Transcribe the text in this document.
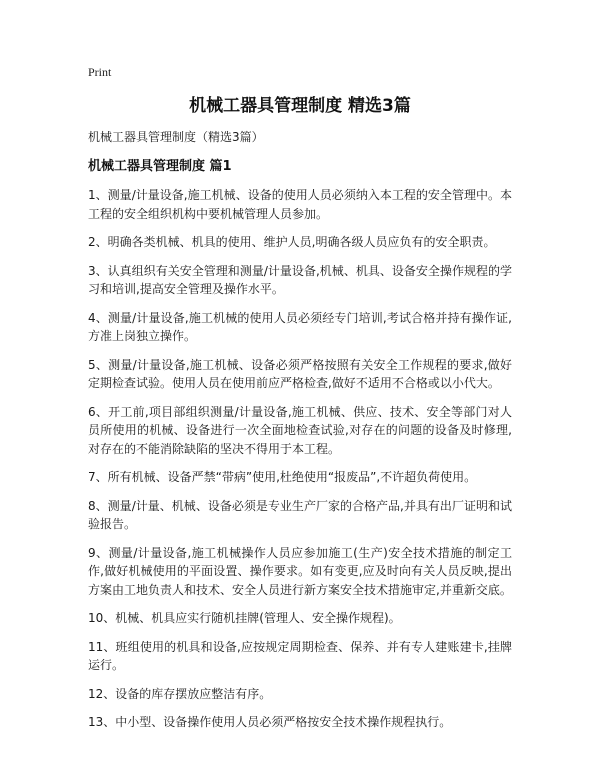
Print
机械工器具管理制度 精选3篇
机械工器具管理制度（精选3篇）
机械工器具管理制度 篇1

1、测量/计量设备,施工机械、设备的使用人员必须纳入本工程的安全管理中。本工程的安全组织机构中要机械管理人员参加。

2、明确各类机械、机具的使用、维护人员,明确各级人员应负有的安全职责。

3、认真组织有关安全管理和测量/计量设备,机械、机具、设备安全操作规程的学习和培训,提高安全管理及操作水平。

4、测量/计量设备,施工机械的使用人员必须经专门培训,考试合格并持有操作证,方准上岗独立操作。

5、测量/计量设备,施工机械、设备必须严格按照有关安全工作规程的要求,做好定期检查试验。使用人员在使用前应严格检查,做好不适用不合格或以小代大。

6、开工前,项目部组织测量/计量设备,施工机械、供应、技术、安全等部门对人员所使用的机械、设备进行一次全面地检查试验,对存在的问题的设备及时修理,对存在的不能消除缺陷的坚决不得用于本工程。

7、所有机械、设备严禁“带病”使用,杜绝使用“报废品”,不许超负荷使用。

8、测量/计量、机械、设备必须是专业生产厂家的合格产品,并具有出厂证明和试验报告。

9、测量/计量设备,施工机械操作人员应参加施工(生产)安全技术措施的制定工作,做好机械使用的平面设置、操作要求。如有变更,应及时向有关人员反映,提出方案由工地负责人和技术、安全人员进行新方案安全技术措施审定,并重新交底。

10、机械、机具应实行随机挂牌(管理人、安全操作规程)。

11、班组使用的机具和设备,应按规定周期检查、保养、并有专人建账建卡,挂牌运行。

12、设备的库存摆放应整洁有序。

13、中小型、设备操作使用人员必须严格按安全技术操作规程执行。
